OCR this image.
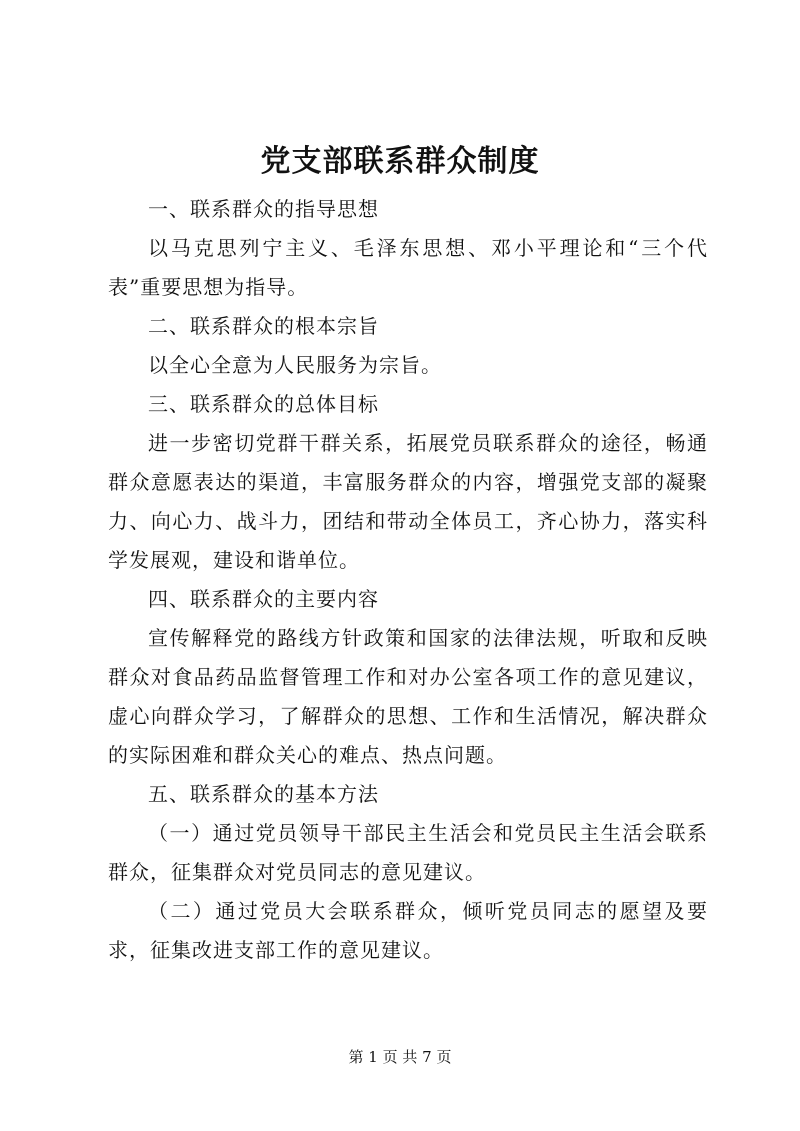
党支部联系群众制度

一、联系群众的指导思想

以马克思列宁主义、毛泽东思想、邓小平理论和“三个代表”重要思想为指导。

二、联系群众的根本宗旨

以全心全意为人民服务为宗旨。

三、联系群众的总体目标

进一步密切党群干群关系，拓展党员联系群众的途径，畅通群众意愿表达的渠道，丰富服务群众的内容，增强党支部的凝聚力、向心力、战斗力，团结和带动全体员工，齐心协力，落实科学发展观，建设和谐单位。

四、联系群众的主要内容

宣传解释党的路线方针政策和国家的法律法规，听取和反映群众对食品药品监督管理工作和对办公室各项工作的意见建议，虚心向群众学习，了解群众的思想、工作和生活情况，解决群众的实际困难和群众关心的难点、热点问题。

五、联系群众的基本方法

（一）通过党员领导干部民主生活会和党员民主生活会联系群众，征集群众对党员同志的意见建议。

（二）通过党员大会联系群众，倾听党员同志的愿望及要求，征集改进支部工作的意见建议。

第 1 页 共 7 页
